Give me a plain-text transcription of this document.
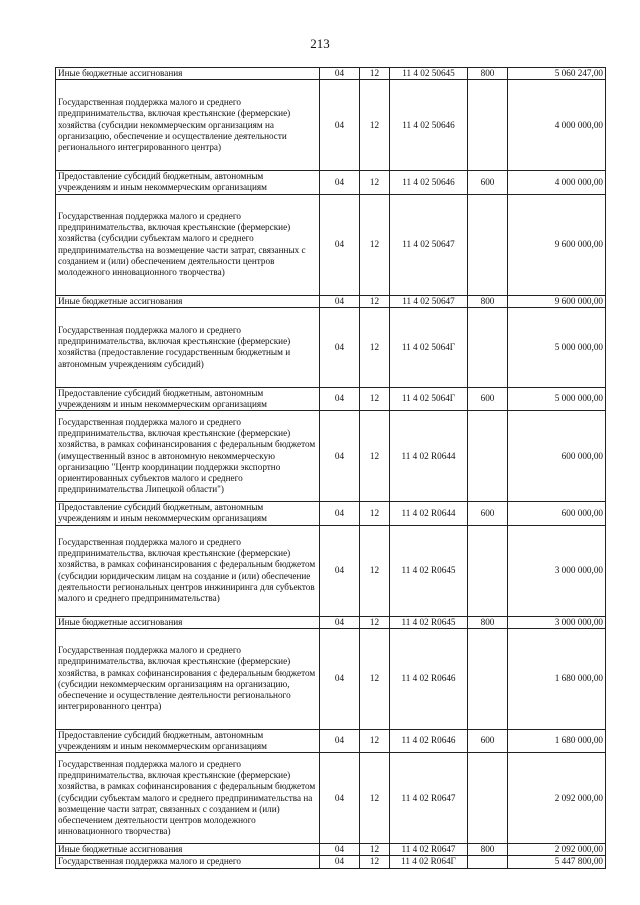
213
Иные бюджетные ассигнования	04	12	11 4 02 50645	800	5 060 247,00
Государственная поддержка малого и среднего предпринимательства, включая крестьянские (фермерские) хозяйства (субсидии некоммерческим организациям на организацию, обеспечение и осуществление деятельности регионального интегрированного центра)	04	12	11 4 02 50646		4 000 000,00
Предоставление субсидий бюджетным, автономным учреждениям и иным некоммерческим организациям	04	12	11 4 02 50646	600	4 000 000,00
Государственная поддержка малого и среднего предпринимательства, включая крестьянские (фермерские) хозяйства (субсидии субъектам малого и среднего предпринимательства на возмещение части затрат, связанных с созданием и (или) обеспечением деятельности центров молодежного инновационного творчества)	04	12	11 4 02 50647		9 600 000,00
Иные бюджетные ассигнования	04	12	11 4 02 50647	800	9 600 000,00
Государственная поддержка малого и среднего предпринимательства, включая крестьянские (фермерские) хозяйства (предоставление государственным бюджетным и автономным учреждениям субсидий)	04	12	11 4 02 5064Г		5 000 000,00
Предоставление субсидий бюджетным, автономным учреждениям и иным некоммерческим организациям	04	12	11 4 02 5064Г	600	5 000 000,00
Государственная поддержка малого и среднего предпринимательства, включая крестьянские (фермерские) хозяйства, в рамках софинансирования с федеральным бюджетом (имущественный взнос в автономную некоммерческую организацию "Центр координации поддержки экспортно ориентированных субъектов малого и среднего предпринимательства Липецкой области")	04	12	11 4 02 R0644		600 000,00
Предоставление субсидий бюджетным, автономным учреждениям и иным некоммерческим организациям	04	12	11 4 02 R0644	600	600 000,00
Государственная поддержка малого и среднего предпринимательства, включая крестьянские (фермерские) хозяйства, в рамках софинансирования с федеральным бюджетом (субсидии юридическим лицам на создание и (или) обеспечение деятельности региональных центров инжиниринга для субъектов малого и среднего предпринимательства)	04	12	11 4 02 R0645		3 000 000,00
Иные бюджетные ассигнования	04	12	11 4 02 R0645	800	3 000 000,00
Государственная поддержка малого и среднего предпринимательства, включая крестьянские (фермерские) хозяйства, в рамках софинансирования с федеральным бюджетом (субсидии некоммерческим организациям на организацию, обеспечение и осуществление деятельности регионального интегрированного центра)	04	12	11 4 02 R0646		1 680 000,00
Предоставление субсидий бюджетным, автономным учреждениям и иным некоммерческим организациям	04	12	11 4 02 R0646	600	1 680 000,00
Государственная поддержка малого и среднего предпринимательства, включая крестьянские (фермерские) хозяйства, в рамках софинансирования с федеральным бюджетом (субсидии субъектам малого и среднего предпринимательства на возмещение части затрат, связанных с созданием и (или) обеспечением деятельности центров молодежного инновационного творчества)	04	12	11 4 02 R0647		2 092 000,00
Иные бюджетные ассигнования	04	12	11 4 02 R0647	800	2 092 000,00
Государственная поддержка малого и среднего	04	12	11 4 02 R064Г		5 447 800,00
